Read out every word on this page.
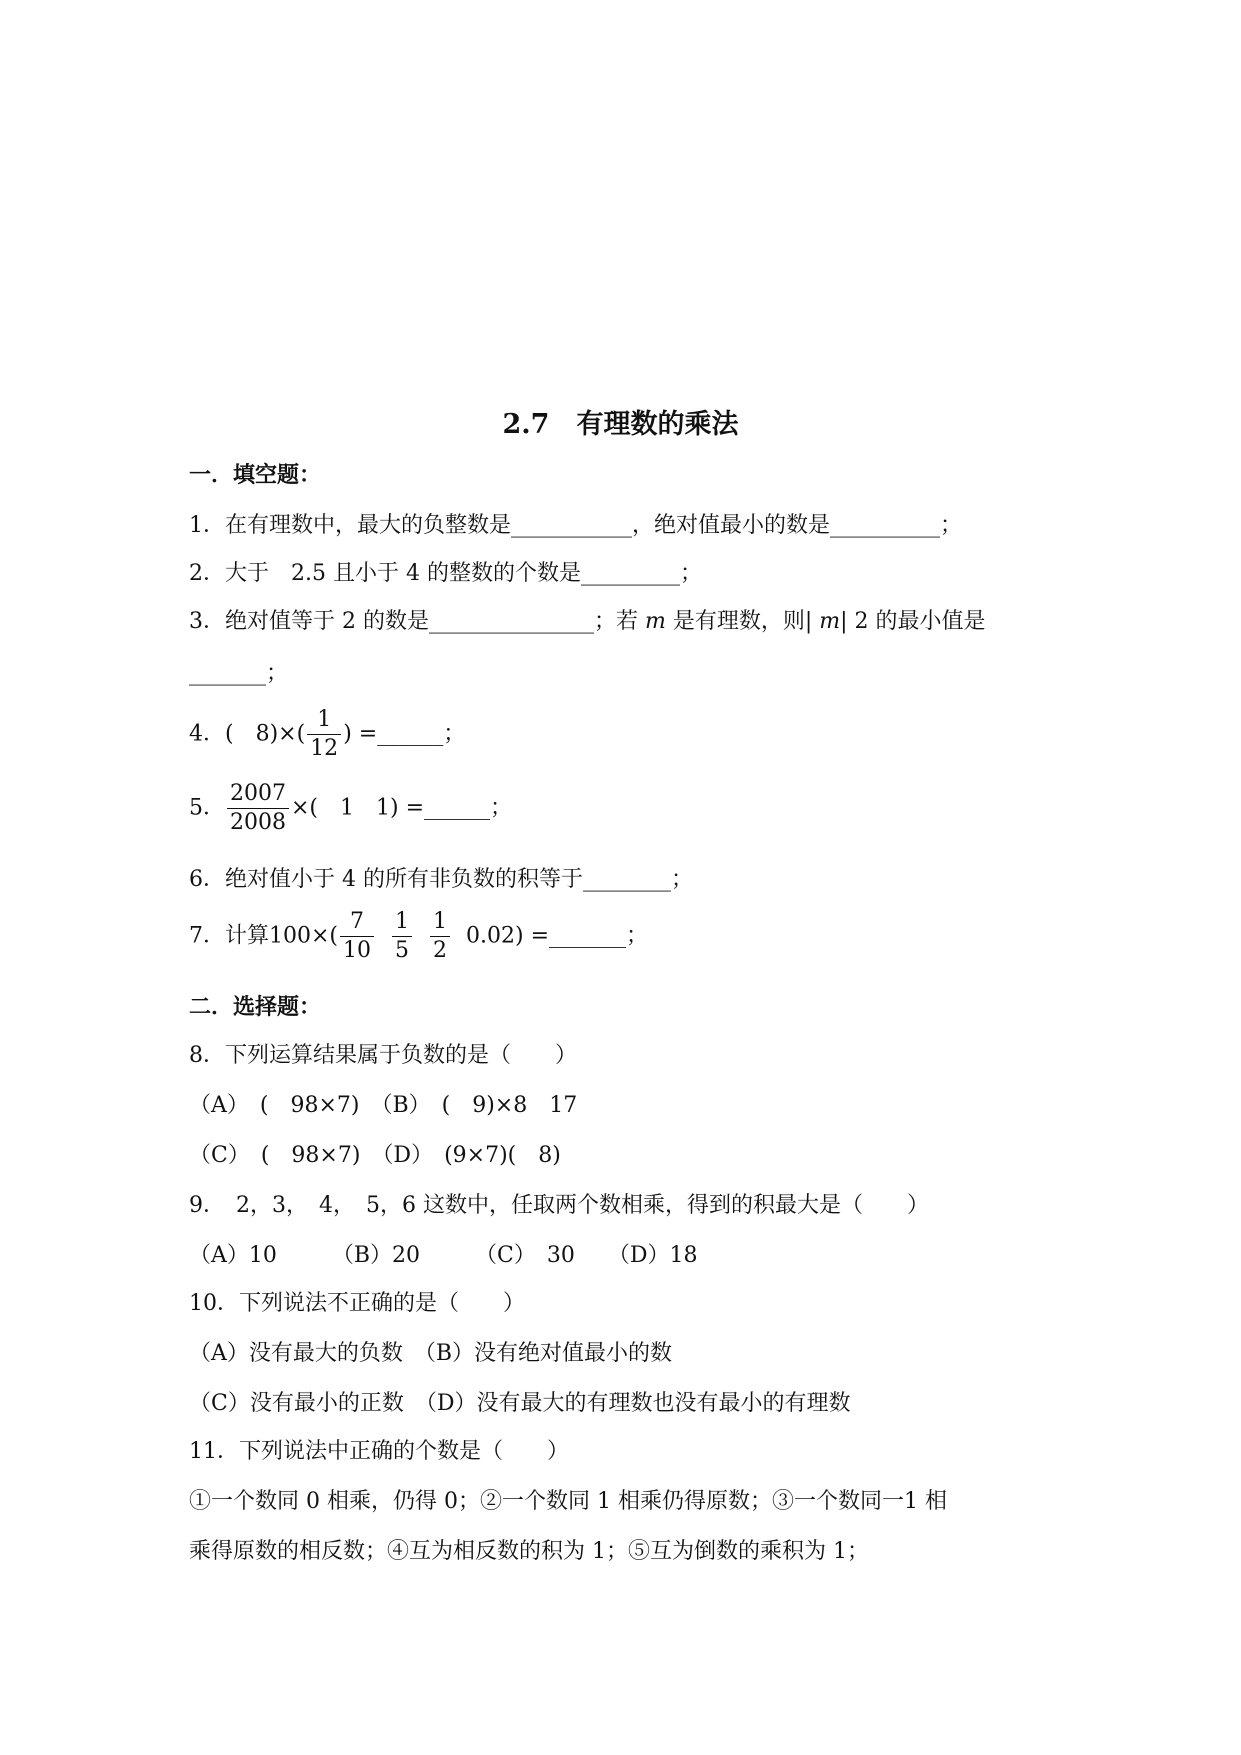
2.7　有理数的乘法
一．填空题：
1．在有理数中，最大的负整数是___________，绝对值最小的数是__________；
2．大于　2.5 且小于 4 的整数的个数是_________；
3．绝对值等于 2 的数是_______________；若 m 是有理数，则| m| 2 的最小值是
_______；
4．(　$8)\times( \frac{1}{12}$ ) =______；
5． $\frac{2007}{2008}$ ×(　1　1) =______；
6．绝对值小于 4 的所有非负数的积等于________；
7．计算$100\times( \frac{7}{10}$
$\frac{1}{5}$
$\frac{1}{2} 0.02$) =_______；
二．选择题：
8．下列运算结果属于负数的是（　　）
（A）　(　98×7)　（B）　(　9)×8　17
（C）　(　98×7)　（D）　(9×7)(　8)
9．　2，3，　4，　5，6 这数中，任取两个数相乘，得到的积最大是（　　）
（A）10　　　（B）20　　　（C）　30　　（D）18
10．下列说法不正确的是（　　）
（A）没有最大的负数　（B）没有绝对值最小的数
（C）没有最小的正数　（D）没有最大的有理数也没有最小的有理数
11．下列说法中正确的个数是（　　）
①一个数同 0 相乘，仍得 0；②一个数同 1 相乘仍得原数；③一个数同一1 相
乘得原数的相反数；④互为相反数的积为 1；⑤互为倒数的乘积为 1；
